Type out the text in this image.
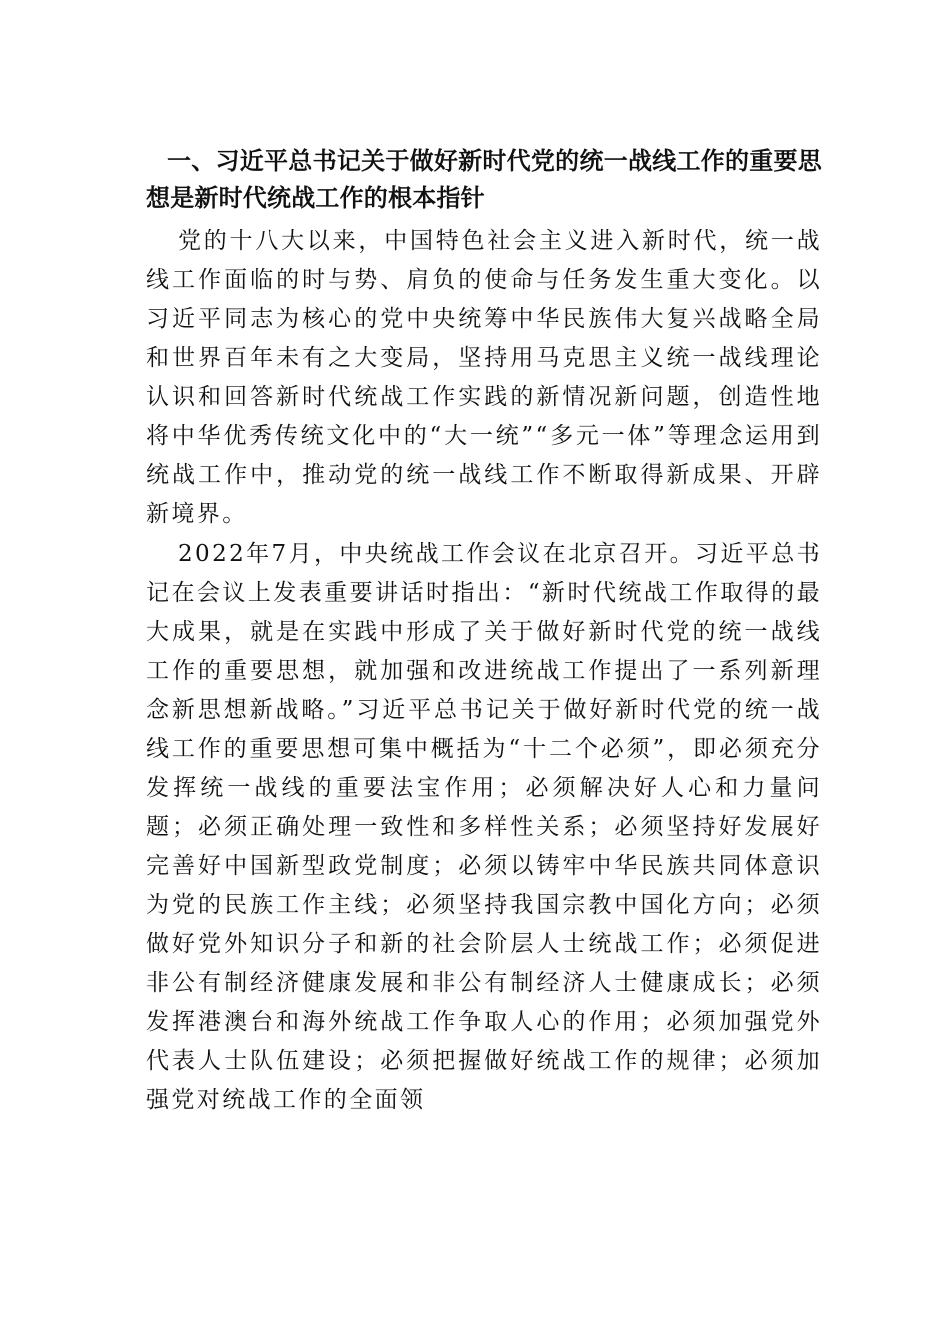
一、习近平总书记关于做好新时代党的统一战线工作的重要思想是新时代统战工作的根本指针

党的十八大以来，中国特色社会主义进入新时代，统一战线工作面临的时与势、肩负的使命与任务发生重大变化。以习近平同志为核心的党中央统筹中华民族伟大复兴战略全局和世界百年未有之大变局，坚持用马克思主义统一战线理论认识和回答新时代统战工作实践的新情况新问题，创造性地将中华优秀传统文化中的“大一统”“多元一体”等理念运用到统战工作中，推动党的统一战线工作不断取得新成果、开辟新境界。

2022年7月，中央统战工作会议在北京召开。习近平总书记在会议上发表重要讲话时指出：“新时代统战工作取得的最大成果，就是在实践中形成了关于做好新时代党的统一战线工作的重要思想，就加强和改进统战工作提出了一系列新理念新思想新战略。”习近平总书记关于做好新时代党的统一战线工作的重要思想可集中概括为“十二个必须”，即必须充分发挥统一战线的重要法宝作用；必须解决好人心和力量问题；必须正确处理一致性和多样性关系；必须坚持好发展好完善好中国新型政党制度；必须以铸牢中华民族共同体意识为党的民族工作主线；必须坚持我国宗教中国化方向；必须做好党外知识分子和新的社会阶层人士统战工作；必须促进非公有制经济健康发展和非公有制经济人士健康成长；必须发挥港澳台和海外统战工作争取人心的作用；必须加强党外代表人士队伍建设；必须把握做好统战工作的规律；必须加强党对统战工作的全面领
